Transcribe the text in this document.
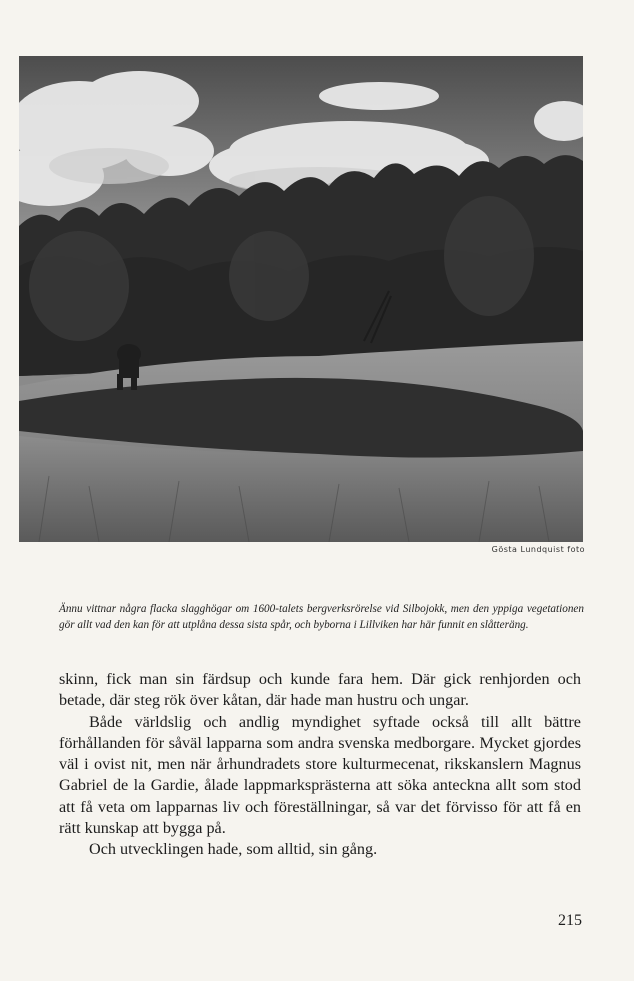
Gösta Lundquist foto
Ännu vittnar några flacka slagghögar om 1600-talets bergverksrörelse vid Silbojokk, men den yppiga vegetationen gör allt vad den kan för att utplåna dessa sista spår, och byborna i Lillviken har här funnit en slåtteräng.

skinn, fick man sin färdsup och kunde fara hem. Där gick renhjorden och betade, där steg rök över kåtan, där hade man hustru och ungar.

Både världslig och andlig myndighet syftade också till allt bättre förhållanden för såväl lapparna som andra svenska medborgare. Mycket gjordes väl i ovist nit, men när århundradets store kulturmecenat, rikskanslern Magnus Gabriel de la Gardie, ålade lappmarksprästerna att söka anteckna allt som stod att få veta om lapparnas liv och föreställningar, så var det förvisso för att få en rätt kunskap att bygga på.

Och utvecklingen hade, som alltid, sin gång.

215
